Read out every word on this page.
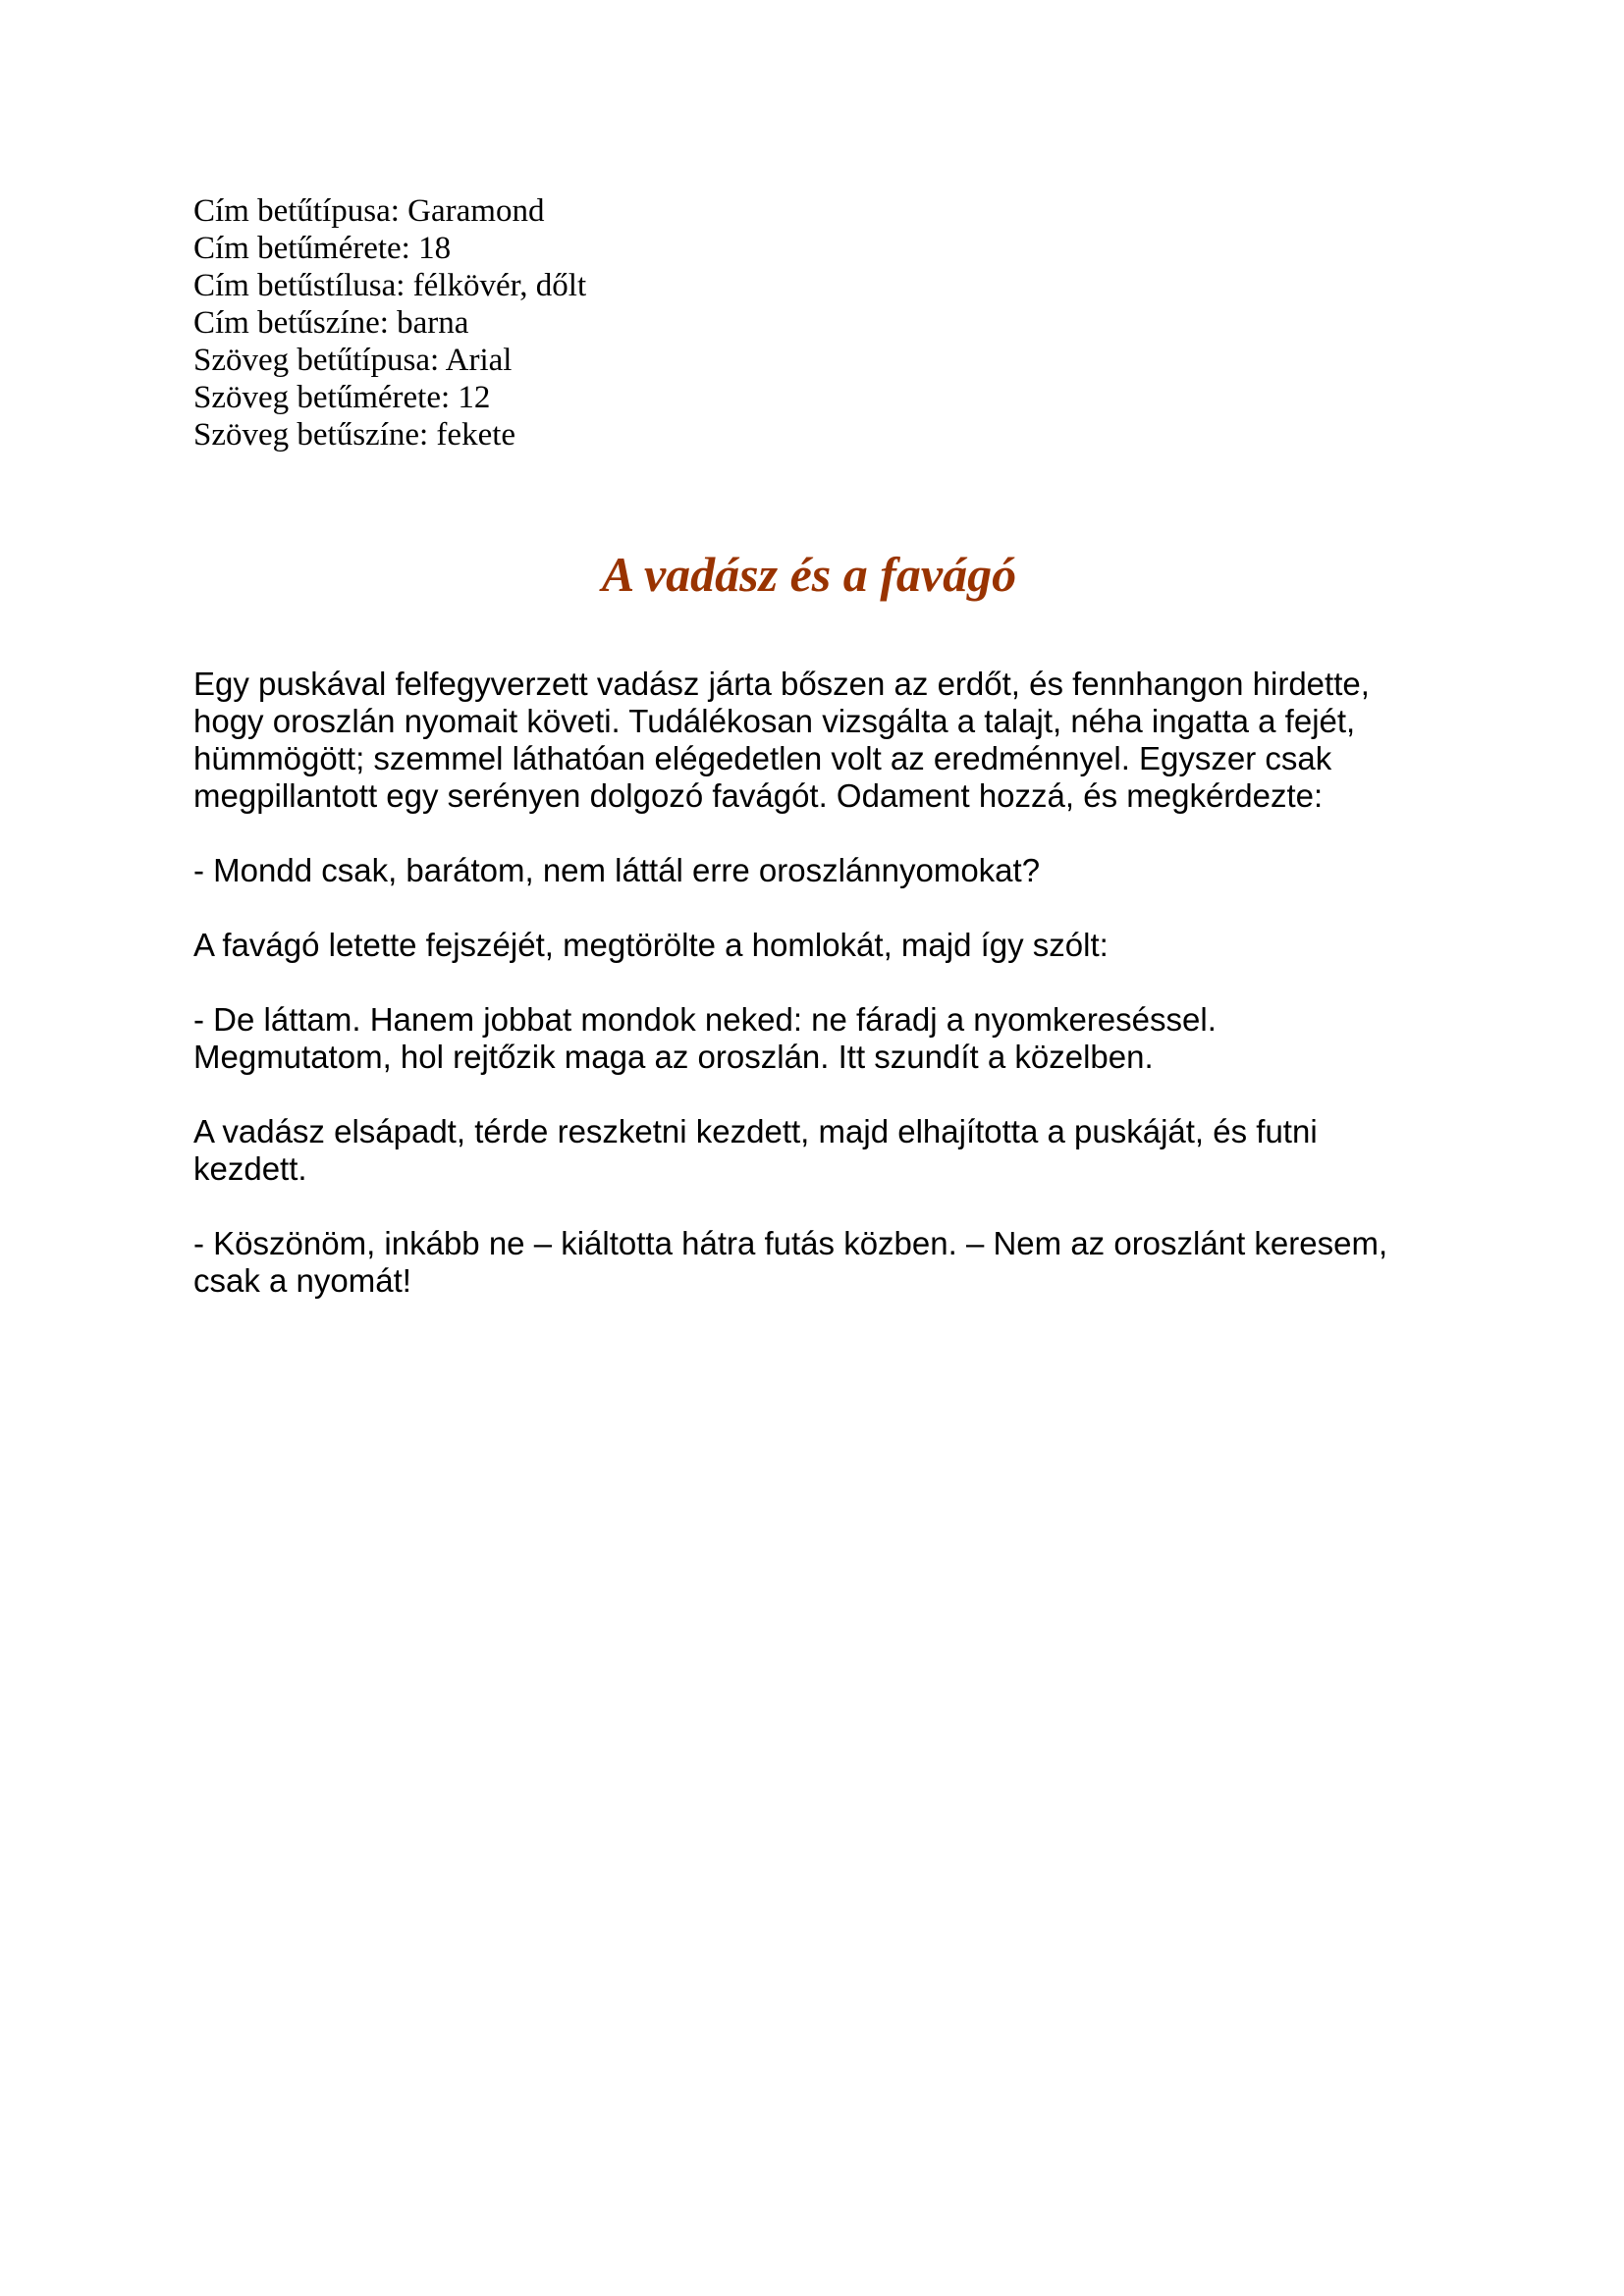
Cím betűtípusa: Garamond
Cím betűmérete: 18
Cím betűstílusa: félkövér, dőlt
Cím betűszíne: barna
Szöveg betűtípusa: Arial
Szöveg betűmérete: 12
Szöveg betűszíne: fekete
A vadász és a favágó
Egy puskával felfegyverzett vadász járta bőszen az erdőt, és fennhangon hirdette,
hogy oroszlán nyomait követi. Tudálékosan vizsgálta a talajt, néha ingatta a fejét,
hümmögött; szemmel láthatóan elégedetlen volt az eredménnyel. Egyszer csak
megpillantott egy serényen dolgozó favágót. Odament hozzá, és megkérdezte:
- Mondd csak, barátom, nem láttál erre oroszlánnyomokat?
A favágó letette fejszéjét, megtörölte a homlokát, majd így szólt:
- De láttam. Hanem jobbat mondok neked: ne fáradj a nyomkereséssel.
Megmutatom, hol rejtőzik maga az oroszlán. Itt szundít a közelben.
A vadász elsápadt, térde reszketni kezdett, majd elhajította a puskáját, és futni
kezdett.
- Köszönöm, inkább ne – kiáltotta hátra futás közben. – Nem az oroszlánt keresem,
csak a nyomát!
